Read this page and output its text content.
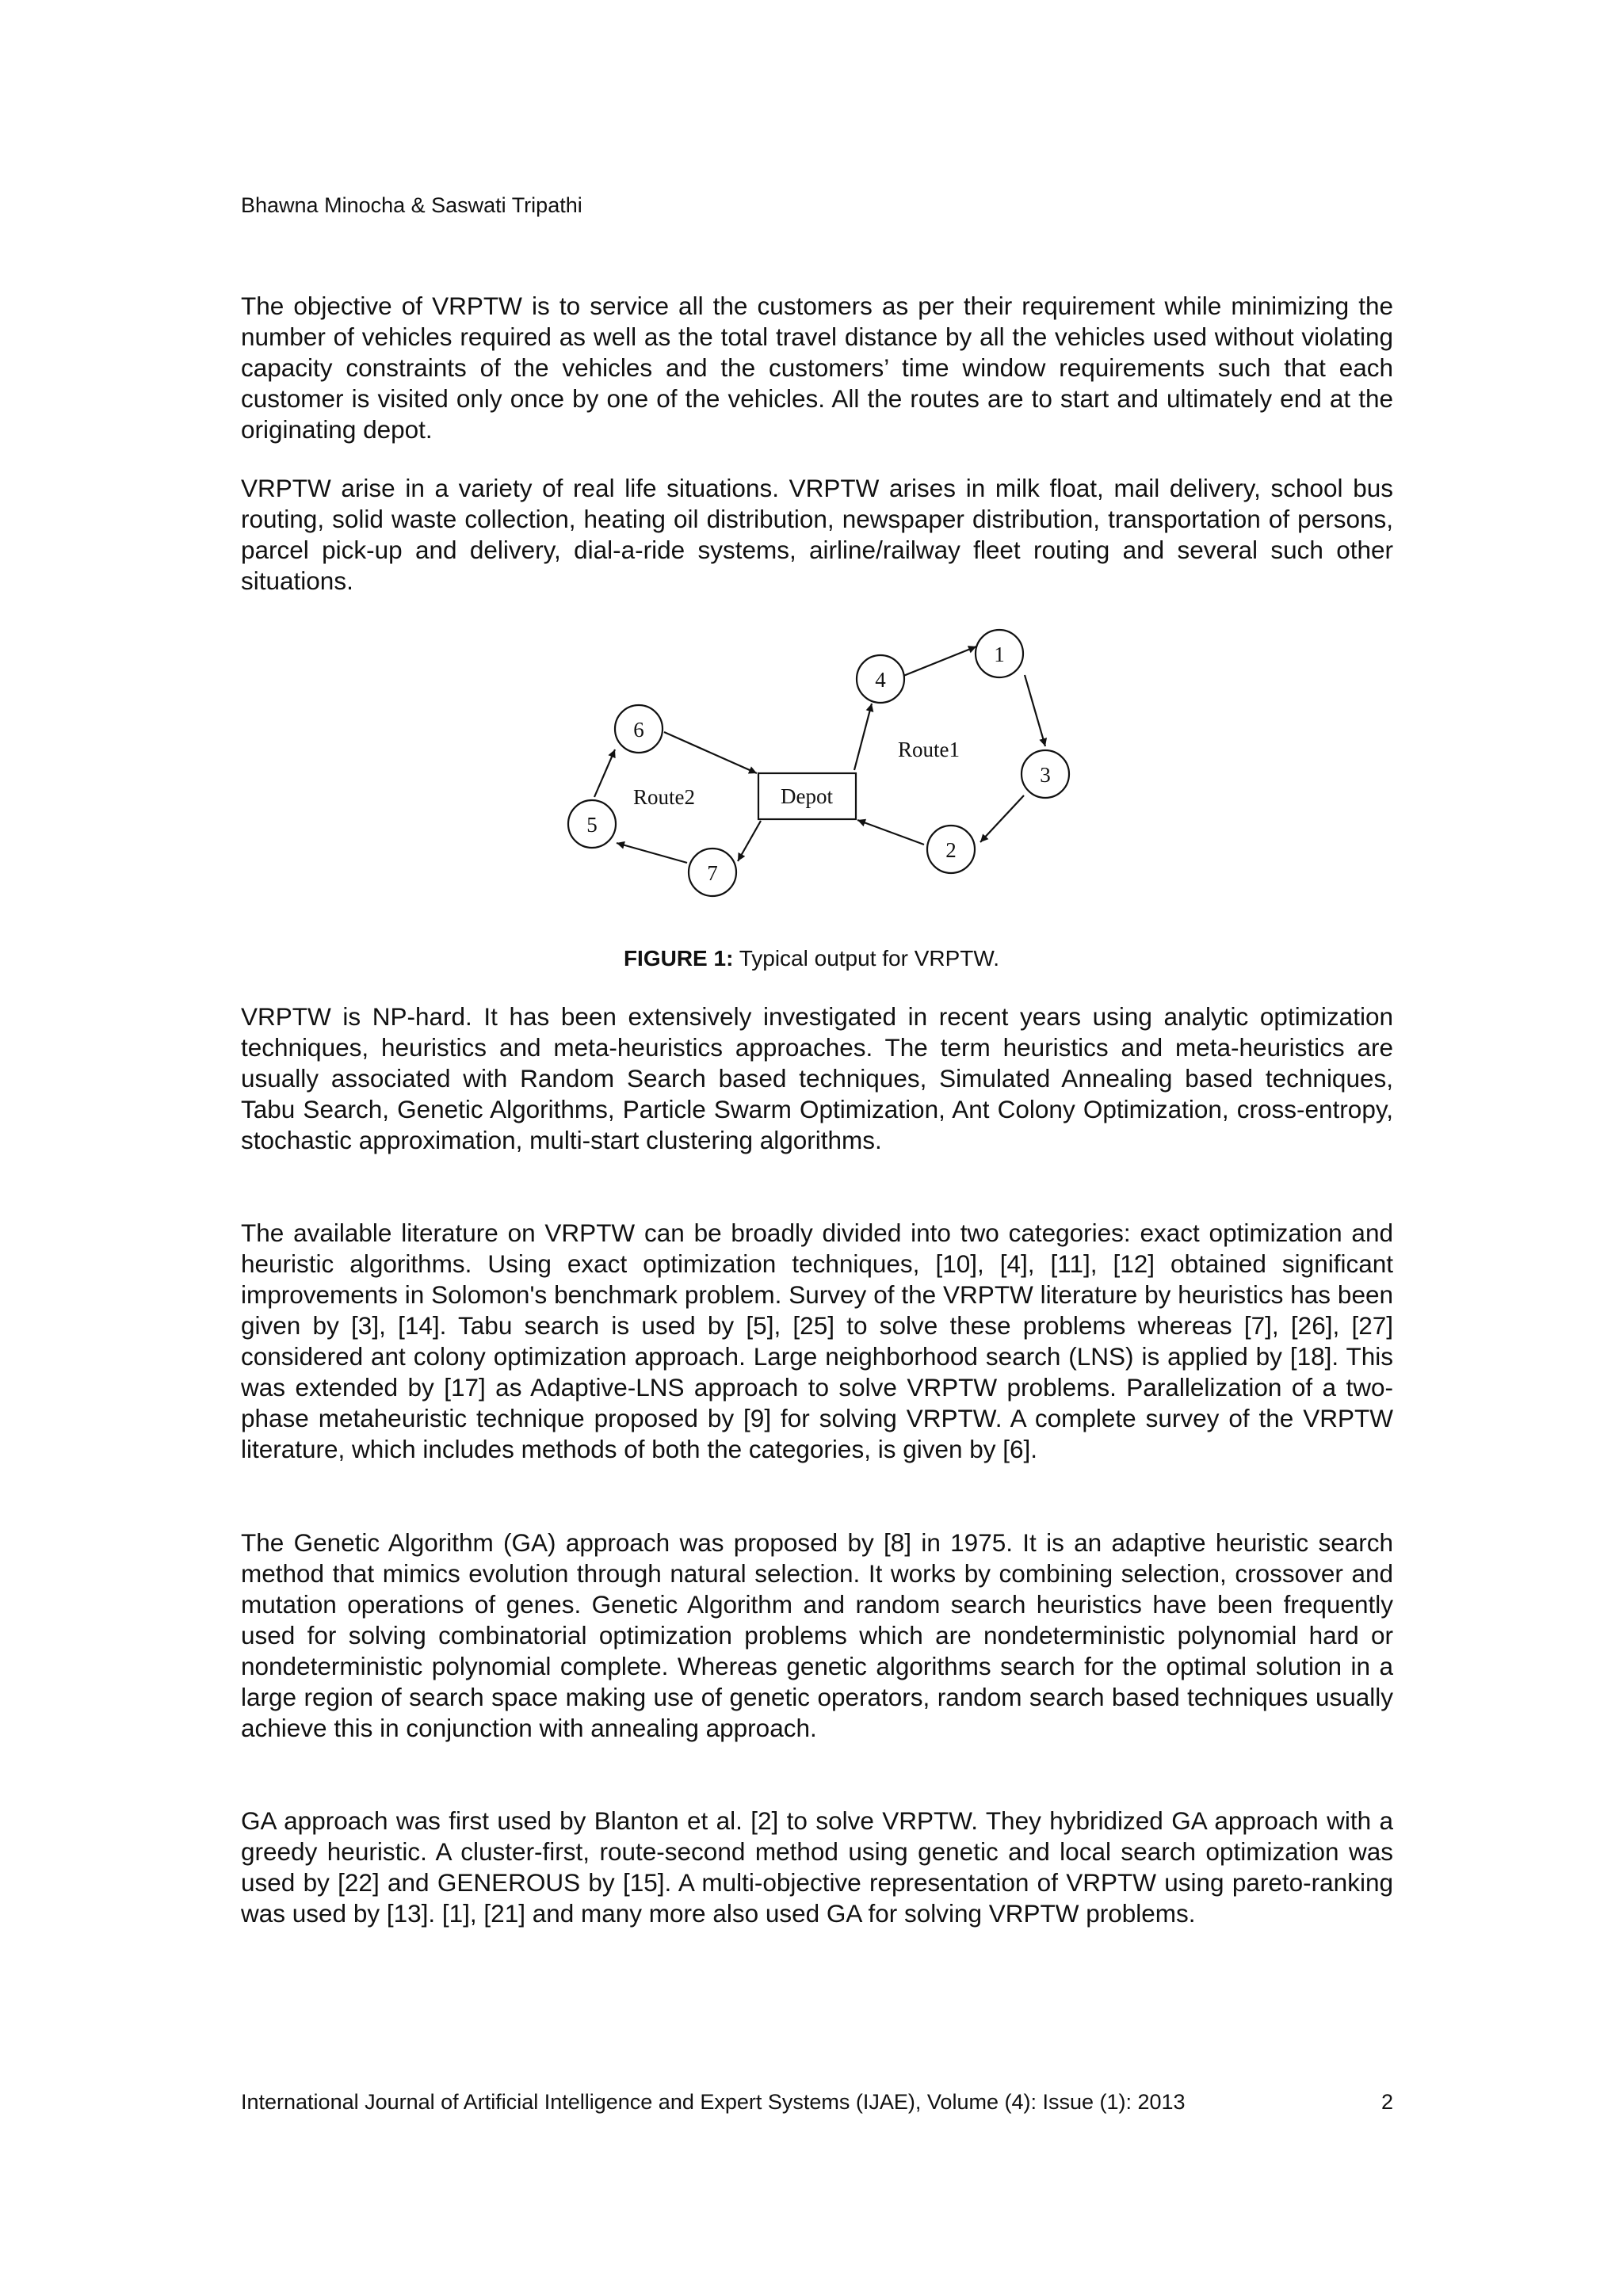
Bhawna Minocha & Saswati Tripathi

The objective of VRPTW is to service all the customers as per their requirement while minimizing the number of vehicles required as well as the total travel distance by all the vehicles used without violating capacity constraints of the vehicles and the customers’ time window requirements such that each customer is visited only once by one of the vehicles. All the routes are to start and ultimately end at the originating depot.

VRPTW arise in a variety of real life situations. VRPTW arises in milk float, mail delivery, school bus routing, solid waste collection, heating oil distribution, newspaper distribution, transportation of persons, parcel pick-up and delivery, dial-a-ride systems, airline/railway fleet routing and several such other situations.

Depot
1
2
3
4
5
6
7
Route1
Route2
FIGURE 1: Typical output for VRPTW.

VRPTW is NP-hard. It has been extensively investigated in recent years using analytic optimization techniques, heuristics and meta-heuristics approaches. The term heuristics and meta-heuristics are usually associated with Random Search based techniques, Simulated Annealing based techniques, Tabu Search, Genetic Algorithms, Particle Swarm Optimization, Ant Colony Optimization, cross-entropy, stochastic approximation, multi-start clustering algorithms.

The available literature on VRPTW can be broadly divided into two categories: exact optimization and heuristic algorithms. Using exact optimization techniques, [10], [4], [11], [12] obtained significant improvements in Solomon's benchmark problem. Survey of the VRPTW literature by heuristics has been given by [3], [14]. Tabu search is used by [5], [25] to solve these problems whereas [7], [26], [27] considered ant colony optimization approach. Large neighborhood search (LNS) is applied by [18]. This was extended by [17] as Adaptive-LNS approach to solve VRPTW problems. Parallelization of a two-phase metaheuristic technique proposed by [9] for solving VRPTW. A complete survey of the VRPTW literature, which includes methods of both the categories, is given by [6].

The Genetic Algorithm (GA) approach was proposed by [8] in 1975. It is an adaptive heuristic search method that mimics evolution through natural selection. It works by combining selection, crossover and mutation operations of genes. Genetic Algorithm and random search heuristics have been frequently used for solving combinatorial optimization problems which are nondeterministic polynomial hard or nondeterministic polynomial complete. Whereas genetic algorithms search for the optimal solution in a large region of search space making use of genetic operators, random search based techniques usually achieve this in conjunction with annealing approach.

GA approach was first used by Blanton et al. [2] to solve VRPTW. They hybridized GA approach with a greedy heuristic. A cluster-first, route-second method using genetic and local search optimization was used by [22] and GENEROUS by [15]. A multi-objective representation of VRPTW using pareto-ranking was used by [13]. [1], [21] and many more also used GA for solving VRPTW problems.

International Journal of Artificial Intelligence and Expert Systems (IJAE), Volume (4): Issue (1): 2013	2
